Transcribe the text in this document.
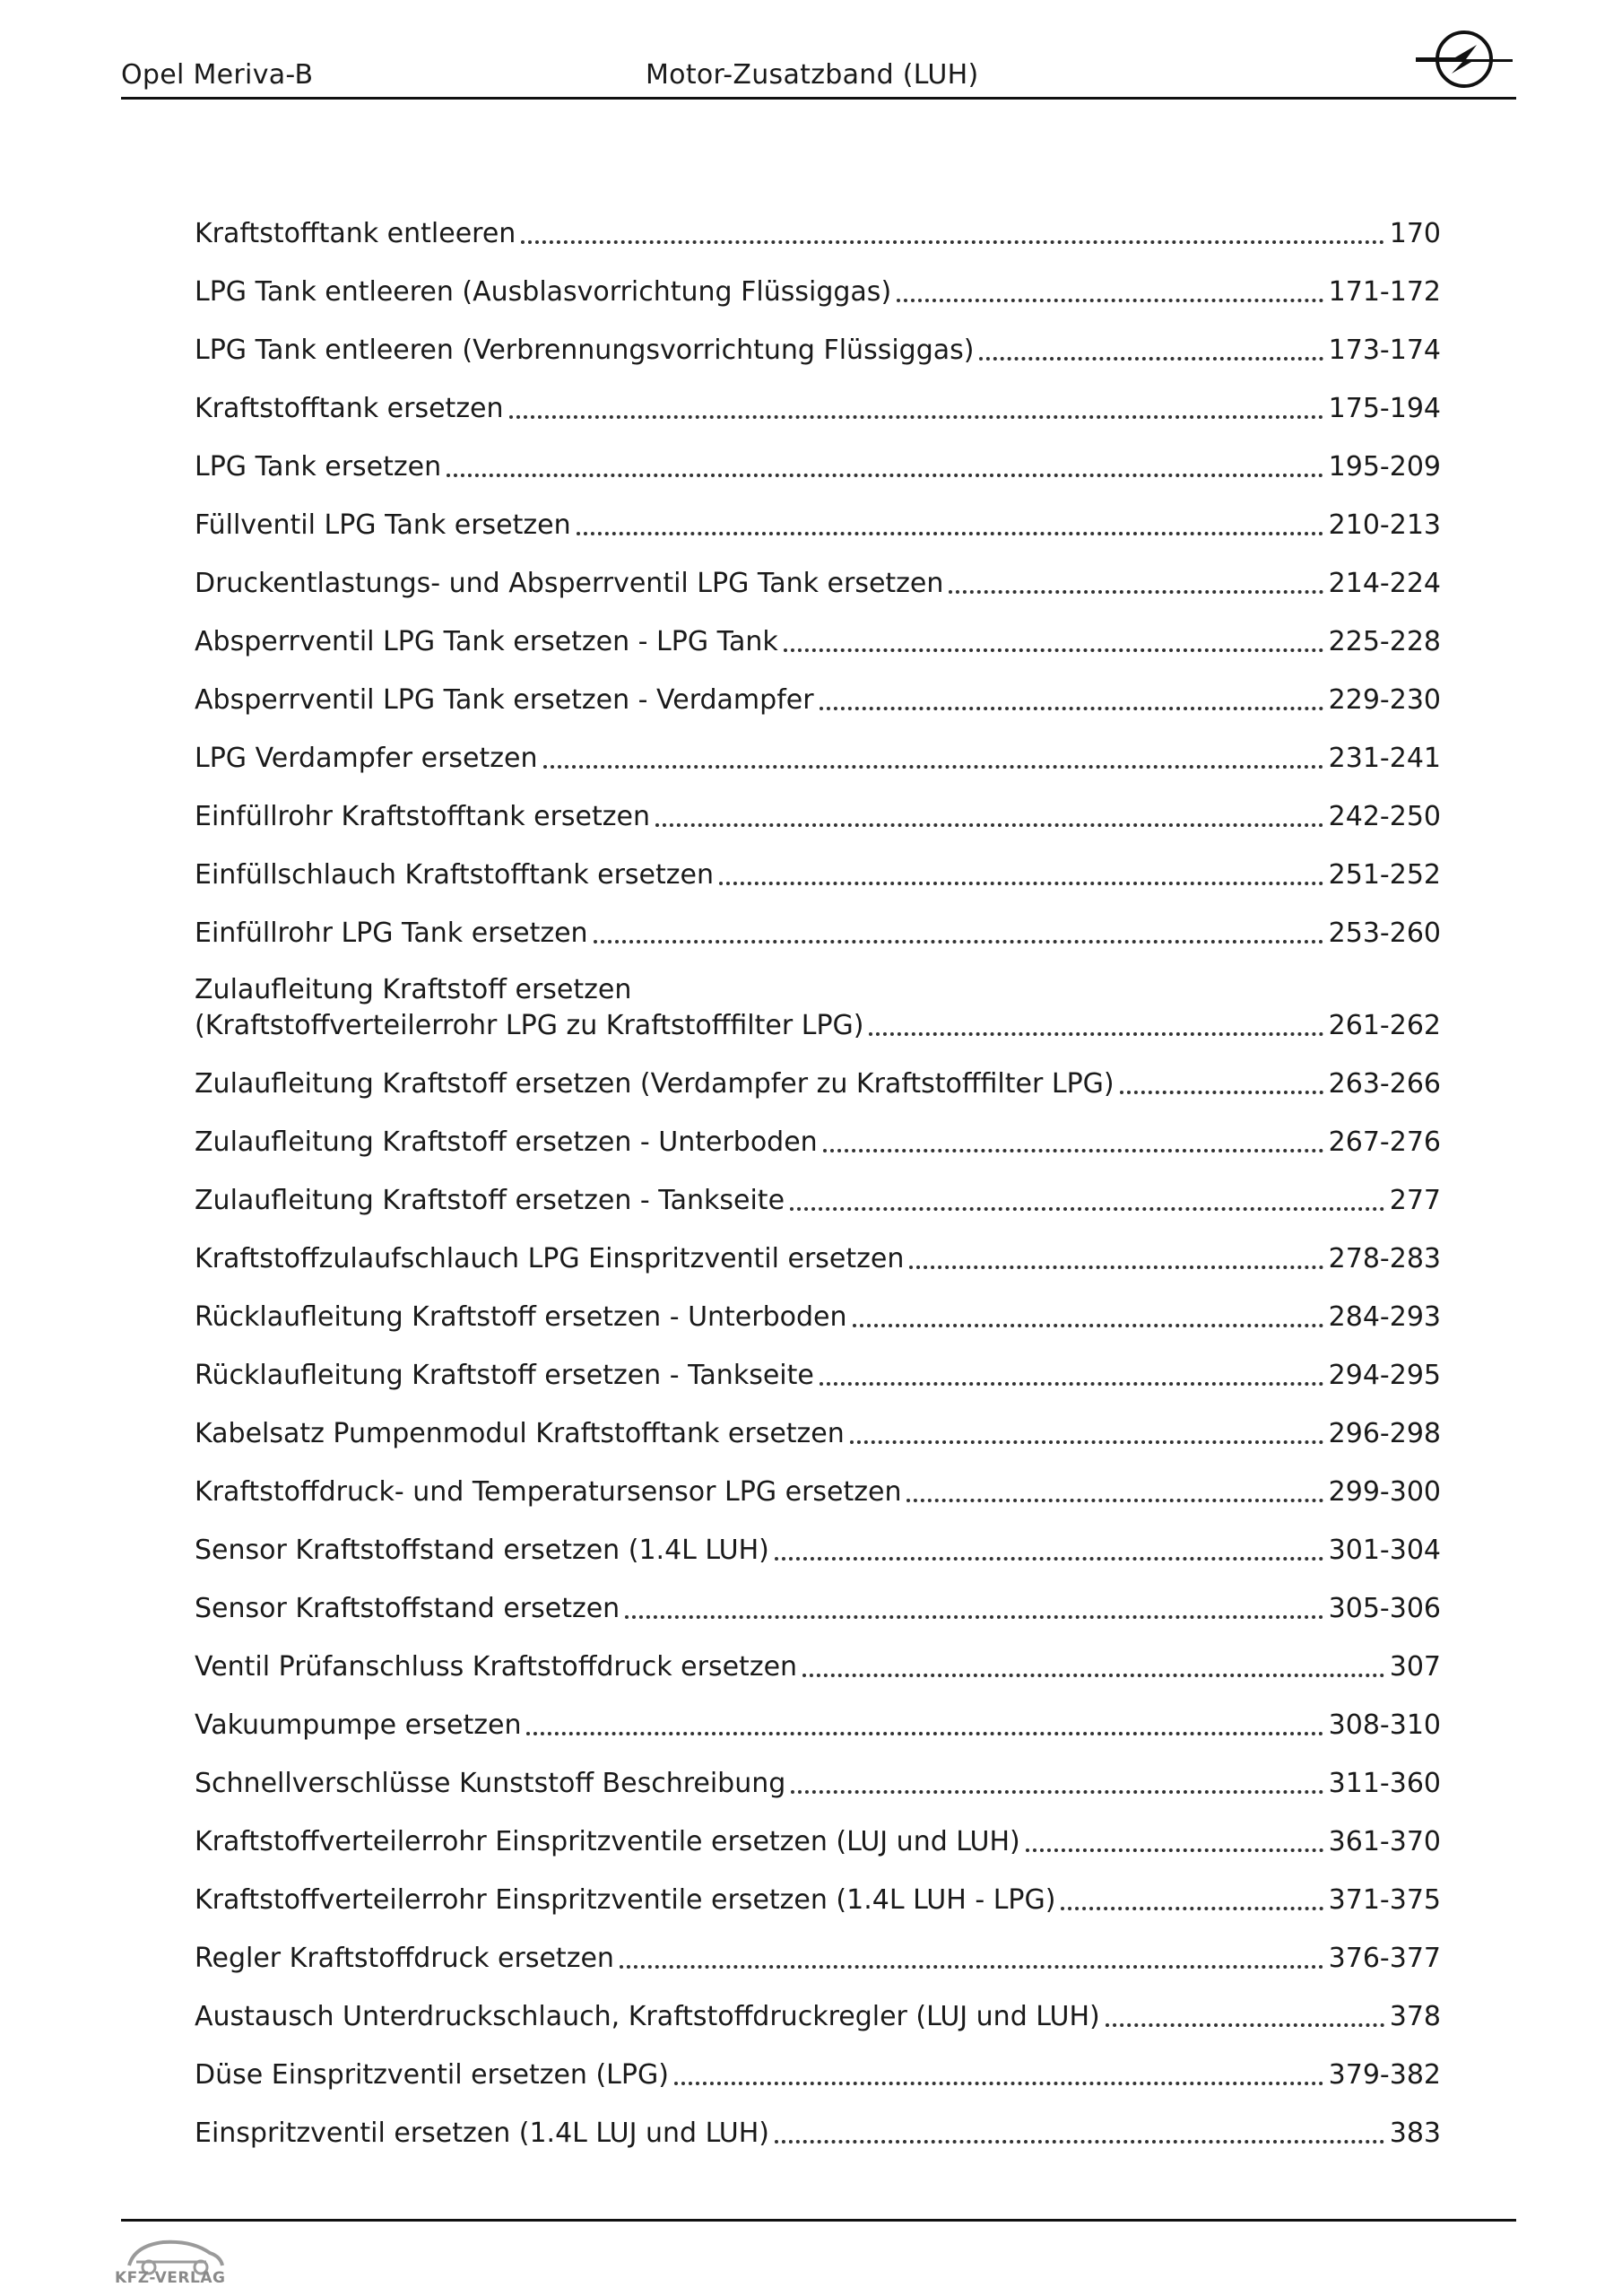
Opel Meriva-B	Motor-Zusatzband (LUH)
Kraftstofftank entleeren	170
LPG Tank entleeren (Ausblasvorrichtung Flüssiggas)	171-172
LPG Tank entleeren (Verbrennungsvorrichtung Flüssiggas)	173-174
Kraftstofftank ersetzen	175-194
LPG Tank ersetzen	195-209
Füllventil LPG Tank ersetzen	210-213
Druckentlastungs- und Absperrventil LPG Tank ersetzen	214-224
Absperrventil LPG Tank ersetzen - LPG Tank	225-228
Absperrventil LPG Tank ersetzen - Verdampfer	229-230
LPG Verdampfer ersetzen	231-241
Einfüllrohr Kraftstofftank ersetzen	242-250
Einfüllschlauch Kraftstofftank ersetzen	251-252
Einfüllrohr LPG Tank ersetzen	253-260
Zulaufleitung Kraftstoff ersetzen
(Kraftstoffverteilerrohr LPG zu Kraftstofffilter LPG)	261-262
Zulaufleitung Kraftstoff ersetzen (Verdampfer zu Kraftstofffilter LPG)	263-266
Zulaufleitung Kraftstoff ersetzen - Unterboden	267-276
Zulaufleitung Kraftstoff ersetzen - Tankseite	277
Kraftstoffzulaufschlauch LPG Einspritzventil ersetzen	278-283
Rücklaufleitung Kraftstoff ersetzen - Unterboden	284-293
Rücklaufleitung Kraftstoff ersetzen - Tankseite	294-295
Kabelsatz Pumpenmodul Kraftstofftank ersetzen	296-298
Kraftstoffdruck- und Temperatursensor LPG ersetzen	299-300
Sensor Kraftstoffstand ersetzen (1.4L LUH)	301-304
Sensor Kraftstoffstand ersetzen	305-306
Ventil Prüfanschluss Kraftstoffdruck ersetzen	307
Vakuumpumpe ersetzen	308-310
Schnellverschlüsse Kunststoff Beschreibung	311-360
Kraftstoffverteilerrohr Einspritzventile ersetzen (LUJ und LUH)	361-370
Kraftstoffverteilerrohr Einspritzventile ersetzen (1.4L LUH - LPG)	371-375
Regler Kraftstoffdruck ersetzen	376-377
Austausch Unterdruckschlauch, Kraftstoffdruckregler (LUJ und LUH)	378
Düse Einspritzventil ersetzen (LPG)	379-382
Einspritzventil ersetzen (1.4L LUJ und LUH)	383
KFZ-VERLAG
